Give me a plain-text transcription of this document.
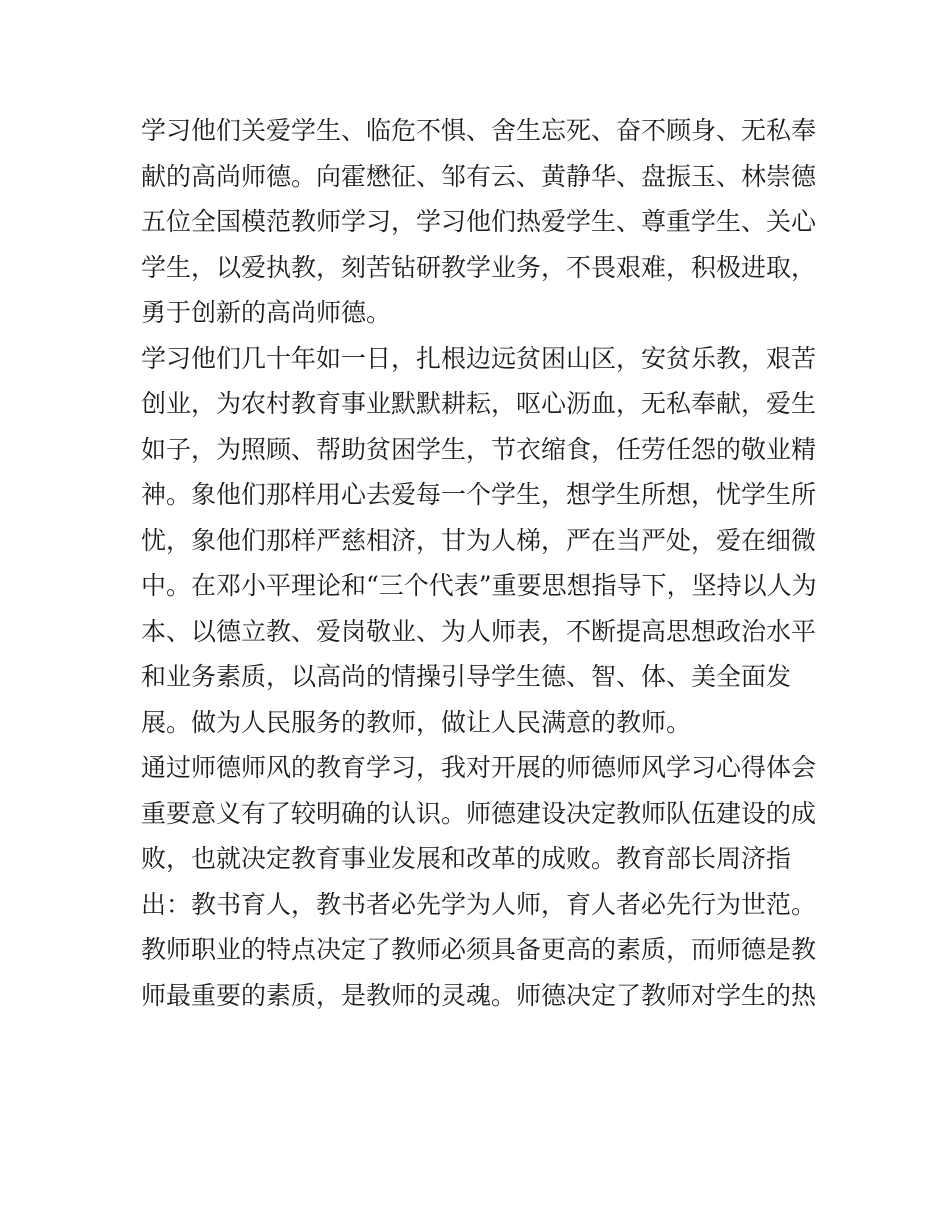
学习他们关爱学生、临危不惧、舍生忘死、奋不顾身、无私奉
献的高尚师德。向霍懋征、邹有云、黄静华、盘振玉、林崇德
五位全国模范教师学习，学习他们热爱学生、尊重学生、关心
学生，以爱执教，刻苦钻研教学业务，不畏艰难，积极进取，
勇于创新的高尚师德。
学习他们几十年如一日，扎根边远贫困山区，安贫乐教，艰苦
创业，为农村教育事业默默耕耘，呕心沥血，无私奉献，爱生
如子，为照顾、帮助贫困学生，节衣缩食，任劳任怨的敬业精
神。象他们那样用心去爱每一个学生，想学生所想，忧学生所
忧，象他们那样严慈相济，甘为人梯，严在当严处，爱在细微
中。在邓小平理论和“三个代表”重要思想指导下，坚持以人为
本、以德立教、爱岗敬业、为人师表，不断提高思想政治水平
和业务素质，以高尚的情操引导学生德、智、体、美全面发
展。做为人民服务的教师，做让人民满意的教师。
通过师德师风的教育学习，我对开展的师德师风学习心得体会
重要意义有了较明确的认识。师德建设决定教师队伍建设的成
败，也就决定教育事业发展和改革的成败。教育部长周济指
出：教书育人，教书者必先学为人师，育人者必先行为世范。
教师职业的特点决定了教师必须具备更高的素质，而师德是教
师最重要的素质，是教师的灵魂。师德决定了教师对学生的热
